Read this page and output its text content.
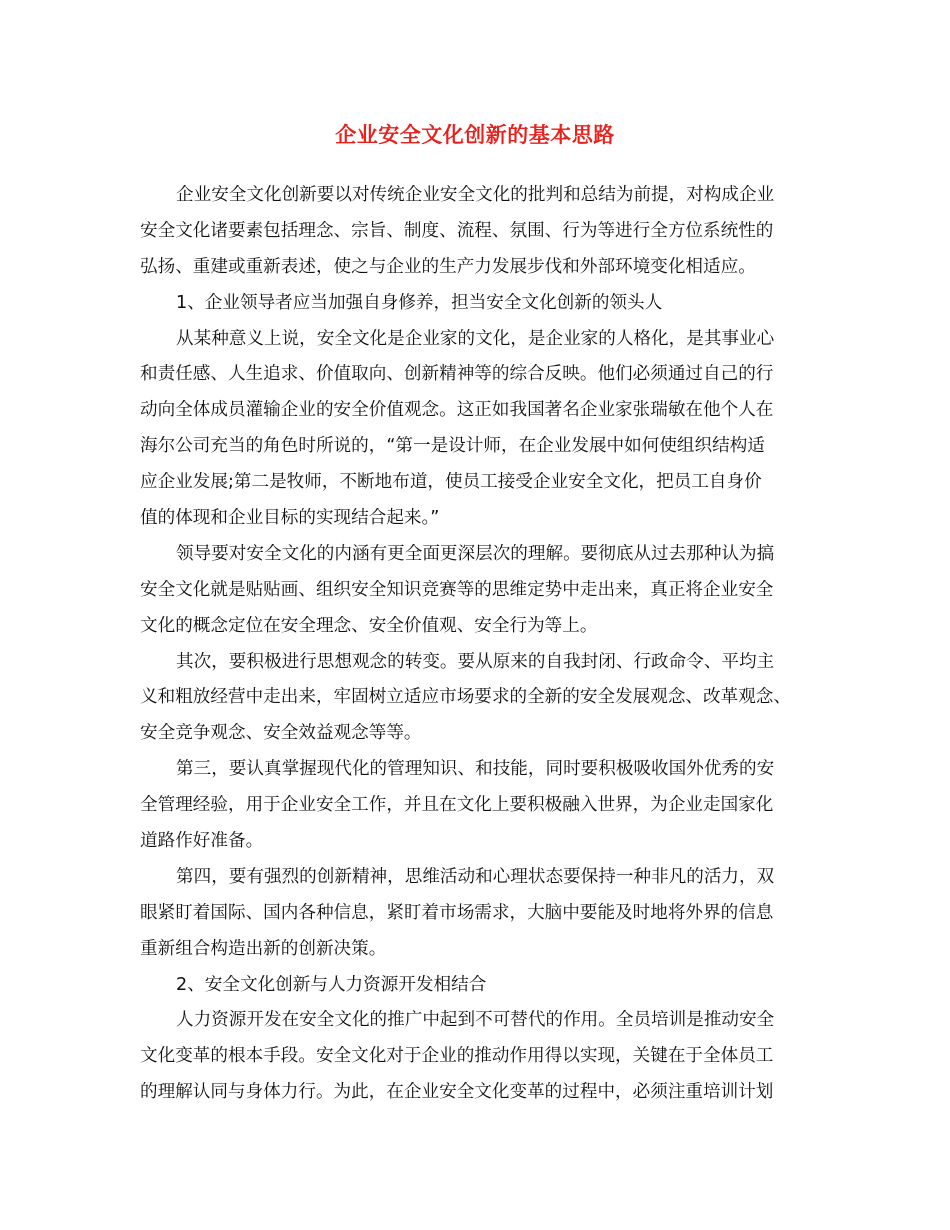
企业安全文化创新的基本思路
企业安全文化创新要以对传统企业安全文化的批判和总结为前提，对构成企业
安全文化诸要素包括理念、宗旨、制度、流程、氛围、行为等进行全方位系统性的
弘扬、重建或重新表述，使之与企业的生产力发展步伐和外部环境变化相适应。
1、企业领导者应当加强自身修养，担当安全文化创新的领头人
从某种意义上说，安全文化是企业家的文化，是企业家的人格化，是其事业心
和责任感、人生追求、价值取向、创新精神等的综合反映。他们必须通过自己的行
动向全体成员灌输企业的安全价值观念。这正如我国著名企业家张瑞敏在他个人在
海尔公司充当的角色时所说的，“第一是设计师，在企业发展中如何使组织结构适
应企业发展;第二是牧师，不断地布道，使员工接受企业安全文化，把员工自身价
值的体现和企业目标的实现结合起来。”
领导要对安全文化的内涵有更全面更深层次的理解。要彻底从过去那种认为搞
安全文化就是贴贴画、组织安全知识竞赛等的思维定势中走出来，真正将企业安全
文化的概念定位在安全理念、安全价值观、安全行为等上。
其次，要积极进行思想观念的转变。要从原来的自我封闭、行政命令、平均主
义和粗放经营中走出来，牢固树立适应市场要求的全新的安全发展观念、改革观念、
安全竞争观念、安全效益观念等等。
第三，要认真掌握现代化的管理知识、和技能，同时要积极吸收国外优秀的安
全管理经验，用于企业安全工作，并且在文化上要积极融入世界，为企业走国家化
道路作好准备。
第四，要有强烈的创新精神，思维活动和心理状态要保持一种非凡的活力，双
眼紧盯着国际、国内各种信息，紧盯着市场需求，大脑中要能及时地将外界的信息
重新组合构造出新的创新决策。
2、安全文化创新与人力资源开发相结合
人力资源开发在安全文化的推广中起到不可替代的作用。全员培训是推动安全
文化变革的根本手段。安全文化对于企业的推动作用得以实现，关键在于全体员工
的理解认同与身体力行。为此，在企业安全文化变革的过程中，必须注重培训计划
